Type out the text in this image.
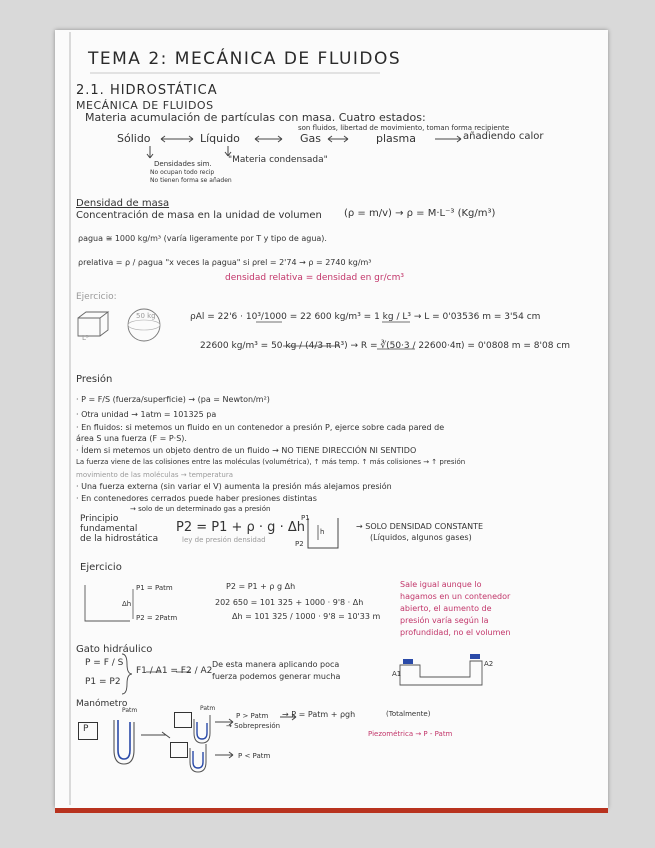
TEMA 2: MECÁNICA DE FLUIDOS
2.1. HIDROSTÁTICA
MECÁNICA DE FLUIDOS
Materia acumulación de partículas con masa. Cuatro estados:
Sólido	Líquido	Gas	plasma
son fluidos, libertad de movimiento, toman forma recipiente
añadiendo calor
"Materia condensada"
Densidades sim.
No ocupan todo recip
No tienen forma se añaden
Densidad de masa
Concentración de masa en la unidad de volumen (ρ = m/v) → ρ = M·L⁻³ (Kg/m³)
ρagua ≅ 1000 kg/m³ (varía ligeramente por T y tipo de agua).
ρrelativa = ρ / ρagua "x veces la ρagua" si ρrel = 2'74 → ρ = 2740 kg/m³
densidad relativa = densidad en gr/cm³
Ejercicio:
L³
50 kg	ρAl = 22'6 · 10³/1000 = 22 600 kg/m³ = 1 kg / L³ → L = 0'03536 m = 3'54 cm
22600 kg/m³ = 50 kg / (4/3 π R³) → R = ∛(50·3 / 22600·4π) = 0'0808 m = 8'08 cm
Presión
· P = F/S (fuerza/superficie) → (pa = Newton/m²)
· Otra unidad → 1atm = 101325 pa
· En fluidos: si metemos un fluido en un contenedor a presión P, ejerce sobre cada pared de
área S una fuerza (F = P·S).
· Ídem si metemos un objeto dentro de un fluido → NO TIENE DIRECCIÓN NI SENTIDO
La fuerza viene de las colisiones entre las moléculas (volumétrica), ↑ más temp. ↑ más colisiones → ↑ presión
movimiento de las moléculas → temperatura
· Una fuerza externa (sin variar el V) aumenta la presión más alejamos presión
· En contenedores cerrados puede haber presiones distintas
→ solo de un determinado gas a presión
Principio
fundamental
de la hidrostática
P2 = P1 + ρ · g · Δh
ley de presión densidad
P1
P2
h
→ SOLO DENSIDAD CONSTANTE
(Líquidos, algunos gases)
Ejercicio
P1 = Patm
P2 = 2Patm
Δh
P2 = P1 + ρ g Δh
202 650 = 101 325 + 1000 · 9'8 · Δh
Δh = 101 325 / 1000 · 9'8 = 10'33 m
Sale igual aunque lo
hagamos en un contenedor
abierto, el aumento de
presión varía según la
profundidad, no el volumen
Gato hidráulico
P = F / S
P1 = P2
F1 / A1 = F2 / A2
De esta manera aplicando poca
fuerza podemos generar mucha	A1
A2
Manómetro
P
Patm	Patm
P > Patm
→ Sobrepresión
→ P = Patm + ρgh	(Totalmente)
Piezométrica → P - Patm
P < Patm
